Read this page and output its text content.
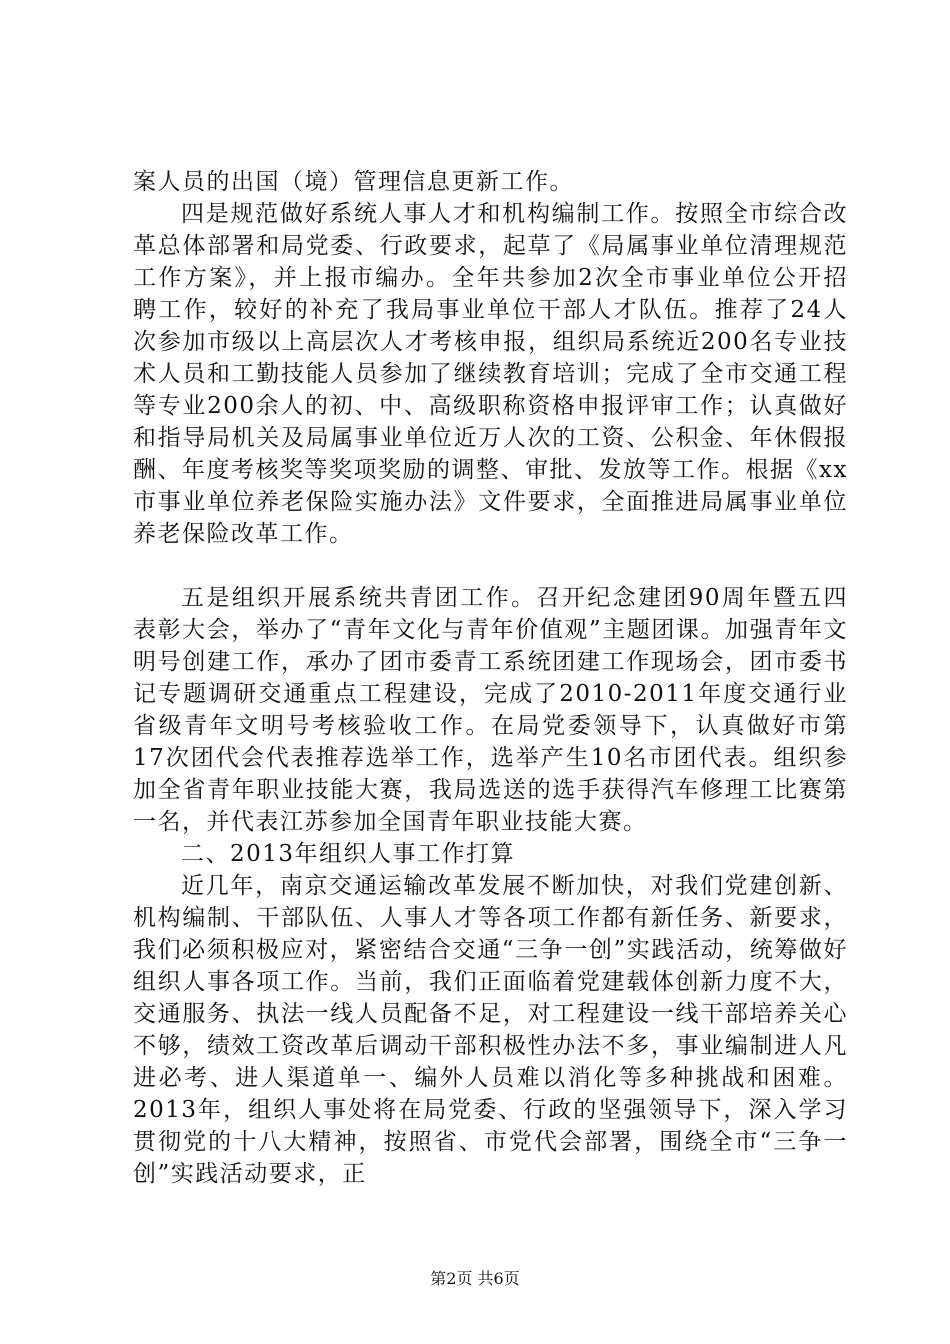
案人员的出国（境）管理信息更新工作。

四是规范做好系统人事人才和机构编制工作。按照全市综合改革总体部署和局党委、行政要求，起草了《局属事业单位清理规范工作方案》，并上报市编办。全年共参加2次全市事业单位公开招聘工作，较好的补充了我局事业单位干部人才队伍。推荐了24人次参加市级以上高层次人才考核申报，组织局系统近200名专业技术人员和工勤技能人员参加了继续教育培训；完成了全市交通工程等专业200余人的初、中、高级职称资格申报评审工作；认真做好和指导局机关及局属事业单位近万人次的工资、公积金、年休假报酬、年度考核奖等奖项奖励的调整、审批、发放等工作。根据《xx市事业单位养老保险实施办法》文件要求，全面推进局属事业单位养老保险改革工作。

五是组织开展系统共青团工作。召开纪念建团90周年暨五四表彰大会，举办了“青年文化与青年价值观”主题团课。加强青年文明号创建工作，承办了团市委青工系统团建工作现场会，团市委书记专题调研交通重点工程建设，完成了2010-2011年度交通行业省级青年文明号考核验收工作。在局党委领导下，认真做好市第17次团代会代表推荐选举工作，选举产生10名市团代表。组织参加全省青年职业技能大赛，我局选送的选手获得汽车修理工比赛第一名，并代表江苏参加全国青年职业技能大赛。

二、2013年组织人事工作打算

近几年，南京交通运输改革发展不断加快，对我们党建创新、机构编制、干部队伍、人事人才等各项工作都有新任务、新要求，我们必须积极应对，紧密结合交通“三争一创”实践活动，统筹做好组织人事各项工作。当前，我们正面临着党建载体创新力度不大，交通服务、执法一线人员配备不足，对工程建设一线干部培养关心不够，绩效工资改革后调动干部积极性办法不多，事业编制进人凡进必考、进人渠道单一、编外人员难以消化等多种挑战和困难。2013年，组织人事处将在局党委、行政的坚强领导下，深入学习贯彻党的十八大精神，按照省、市党代会部署，围绕全市“三争一创”实践活动要求，正

第2页 共6页
